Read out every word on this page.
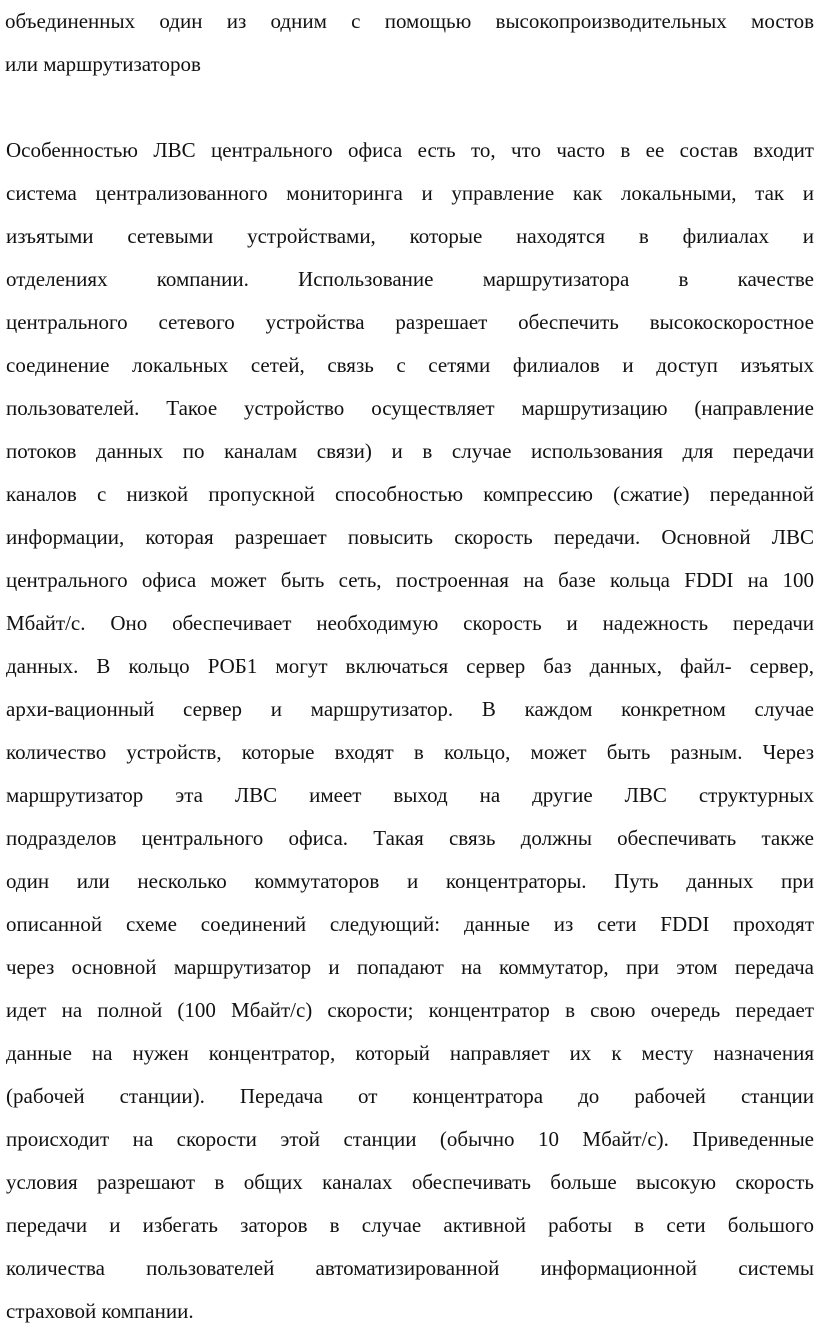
объединенных один из одним с помощью высокопроизводительных мостов
или маршрутизаторов

Особенностью ЛВС центрального офиса есть то, что часто в ее состав входит
система централизованного мониторинга и управление как локальными, так и
изъятыми сетевыми устройствами, которые находятся в филиалах и
отделениях компании. Использование маршрутизатора в качестве
центрального сетевого устройства разрешает обеспечить высокоскоростное
соединение локальных сетей, связь с сетями филиалов и доступ изъятых
пользователей. Такое устройство осуществляет маршрутизацию (направление
потоков данных по каналам связи) и в случае использования для передачи
каналов с низкой пропускной способностью компрессию (сжатие) переданной
информации, которая разрешает повысить скорость передачи. Основной ЛВС
центрального офиса может быть сеть, построенная на базе кольца FDDI на 100
Мбайт/с. Оно обеспечивает необходимую скорость и надежность передачи
данных. В кольцо РОБ1 могут включаться сервер баз данных, файл- сервер,
архи-вационный сервер и маршрутизатор. В каждом конкретном случае
количество устройств, которые входят в кольцо, может быть разным. Через
маршрутизатор эта ЛВС имеет выход на другие ЛВС структурных
подразделов центрального офиса. Такая связь должны обеспечивать также
один или несколько коммутаторов и концентраторы. Путь данных при
описанной схеме соединений следующий: данные из сети FDDI проходят
через основной маршрутизатор и попадают на коммутатор, при этом передача
идет на полной (100 Мбайт/с) скорости; концентратор в свою очередь передает
данные на нужен концентратор, который направляет их к месту назначения
(рабочей станции). Передача от концентратора до рабочей станции
происходит на скорости этой станции (обычно 10 Мбайт/с). Приведенные
условия разрешают в общих каналах обеспечивать больше высокую скорость
передачи и избегать заторов в случае активной работы в сети большого
количества пользователей автоматизированной информационной системы
страховой компании.
